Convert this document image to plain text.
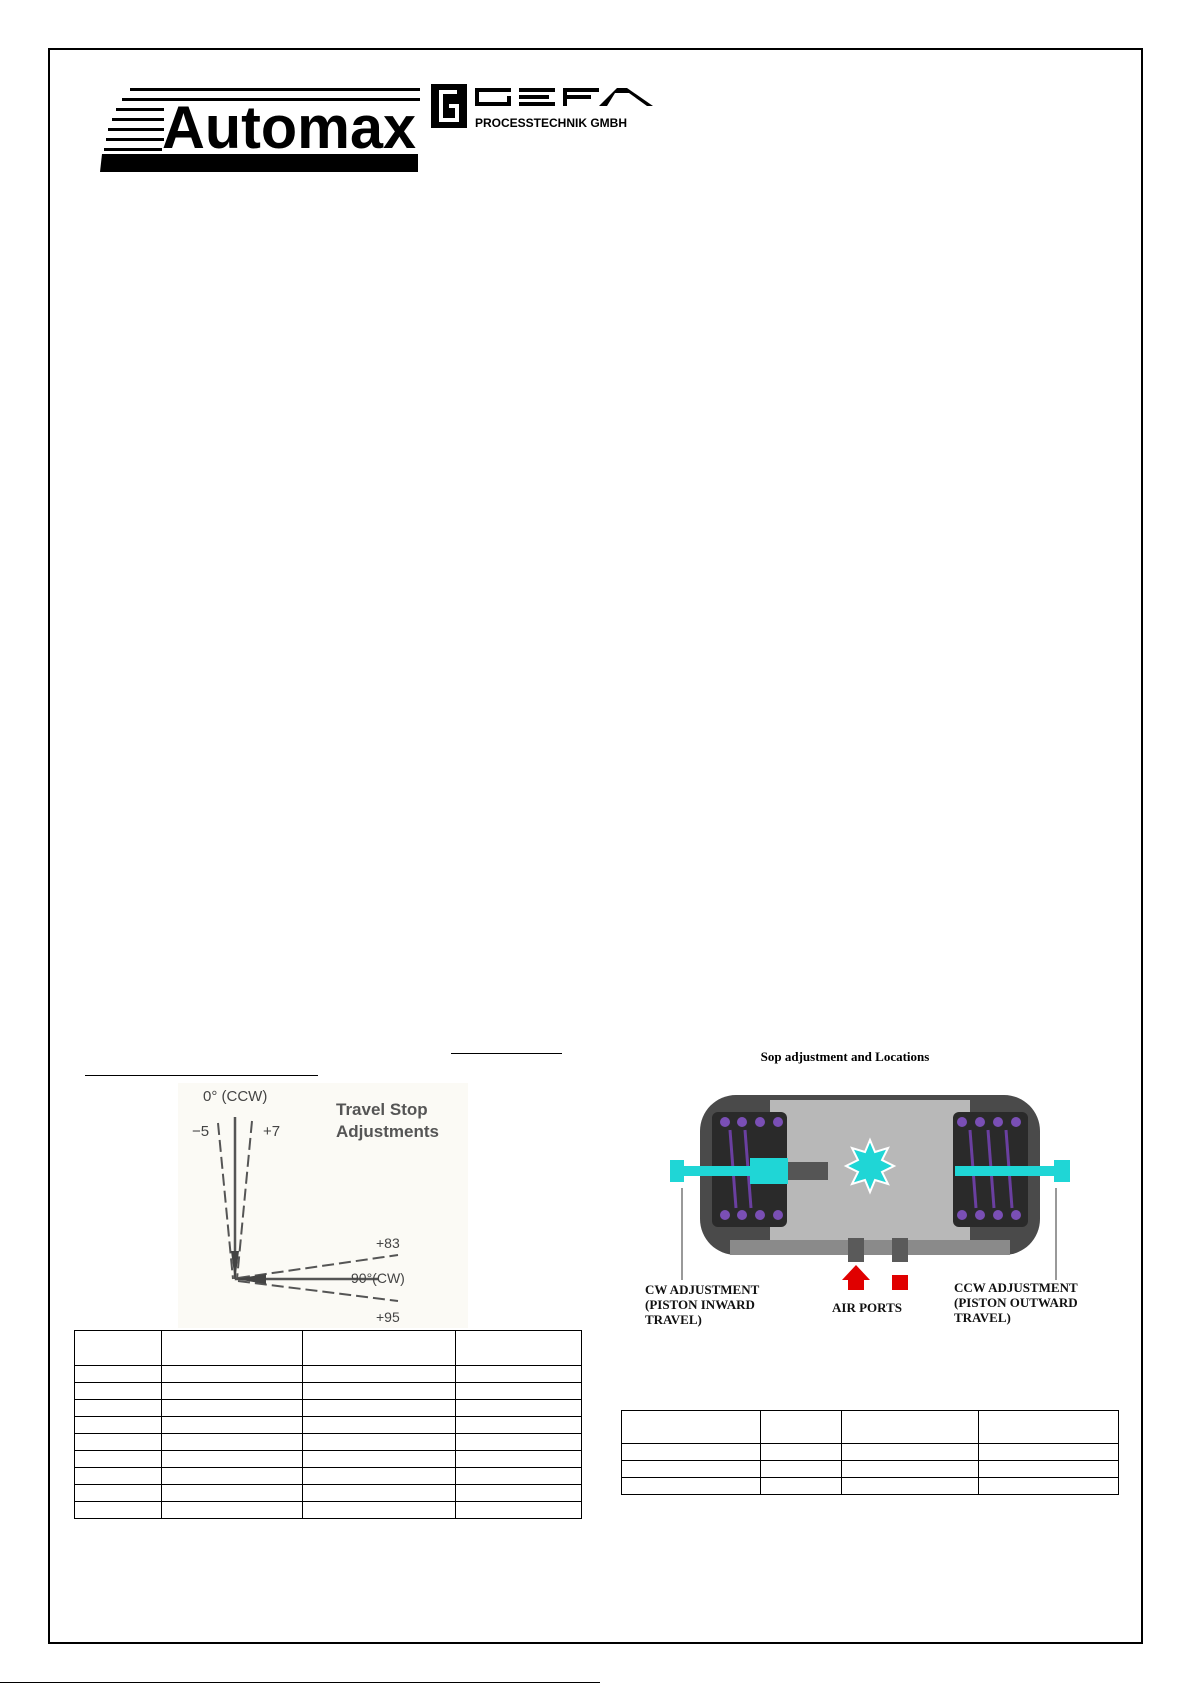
Automax	PROCESSTECHNIK GMBH
0° (CCW)
−5	+7
Travel Stop
Adjustments
+83
90°(CW)
+95

Sop adjustment and Locations
CW ADJUSTMENT
(PISTON INWARD
TRAVEL)
AIR PORTS
CCW ADJUSTMENT
(PISTON OUTWARD
TRAVEL)
